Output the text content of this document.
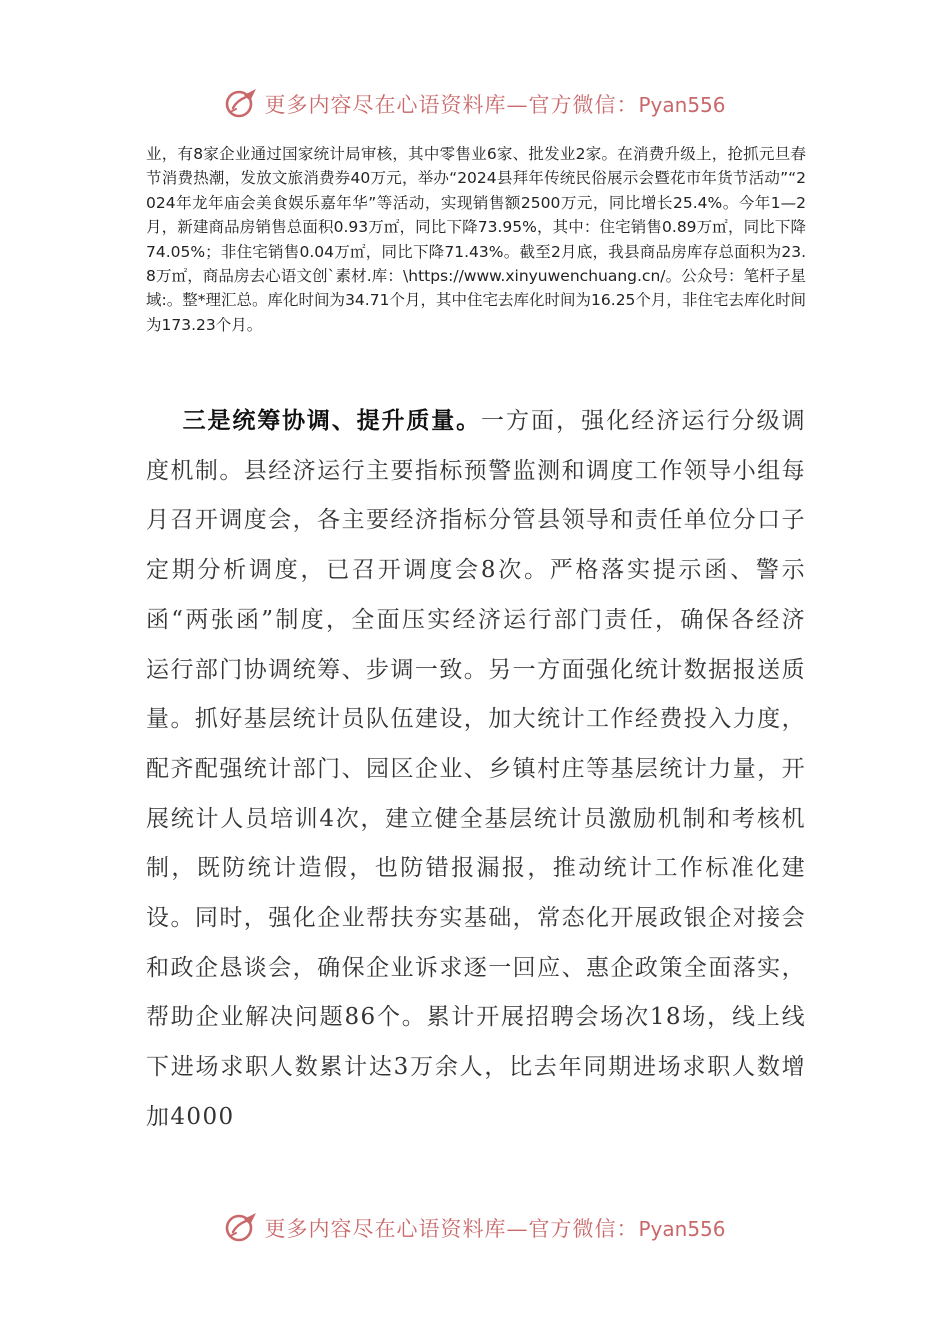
更多内容尽在心语资料库—官方微信：Pyan556
业，有8家企业通过国家统计局审核，其中零售业6家、批发业2家。在消费升级上，抢抓元旦春节消费热潮，发放文旅消费券40万元，举办“2024县拜年传统民俗展示会暨花市年货节活动”“2024年龙年庙会美食娱乐嘉年华”等活动，实现销售额2500万元，同比增长25.4%。今年1—2月，新建商品房销售总面积0.93万㎡，同比下降73.95%，其中：住宅销售0.89万㎡，同比下降74.05%；非住宅销售0.04万㎡，同比下降71.43%。截至2月底，我县商品房库存总面积为23.8万㎡，商品房去心语文创`素材.库：\https://www.xinyuwenchuang.cn/。公众号：笔杆子星域:。整*理汇总。库化时间为34.71个月，其中住宅去库化时间为16.25个月，非住宅去库化时间为173.23个月。
三是统筹协调、提升质量。一方面，强化经济运行分级调度机制。县经济运行主要指标预警监测和调度工作领导小组每月召开调度会，各主要经济指标分管县领导和责任单位分口子定期分析调度，已召开调度会8次。严格落实提示函、警示函“两张函”制度，全面压实经济运行部门责任，确保各经济运行部门协调统筹、步调一致。另一方面强化统计数据报送质量。抓好基层统计员队伍建设，加大统计工作经费投入力度，配齐配强统计部门、园区企业、乡镇村庄等基层统计力量，开展统计人员培训4次，建立健全基层统计员激励机制和考核机制，既防统计造假，也防错报漏报，推动统计工作标准化建设。同时，强化企业帮扶夯实基础，常态化开展政银企对接会和政企恳谈会，确保企业诉求逐一回应、惠企政策全面落实，帮助企业解决问题86个。累计开展招聘会场次18场，线上线下进场求职人数累计达3万余人，比去年同期进场求职人数增加4000
更多内容尽在心语资料库—官方微信：Pyan556
